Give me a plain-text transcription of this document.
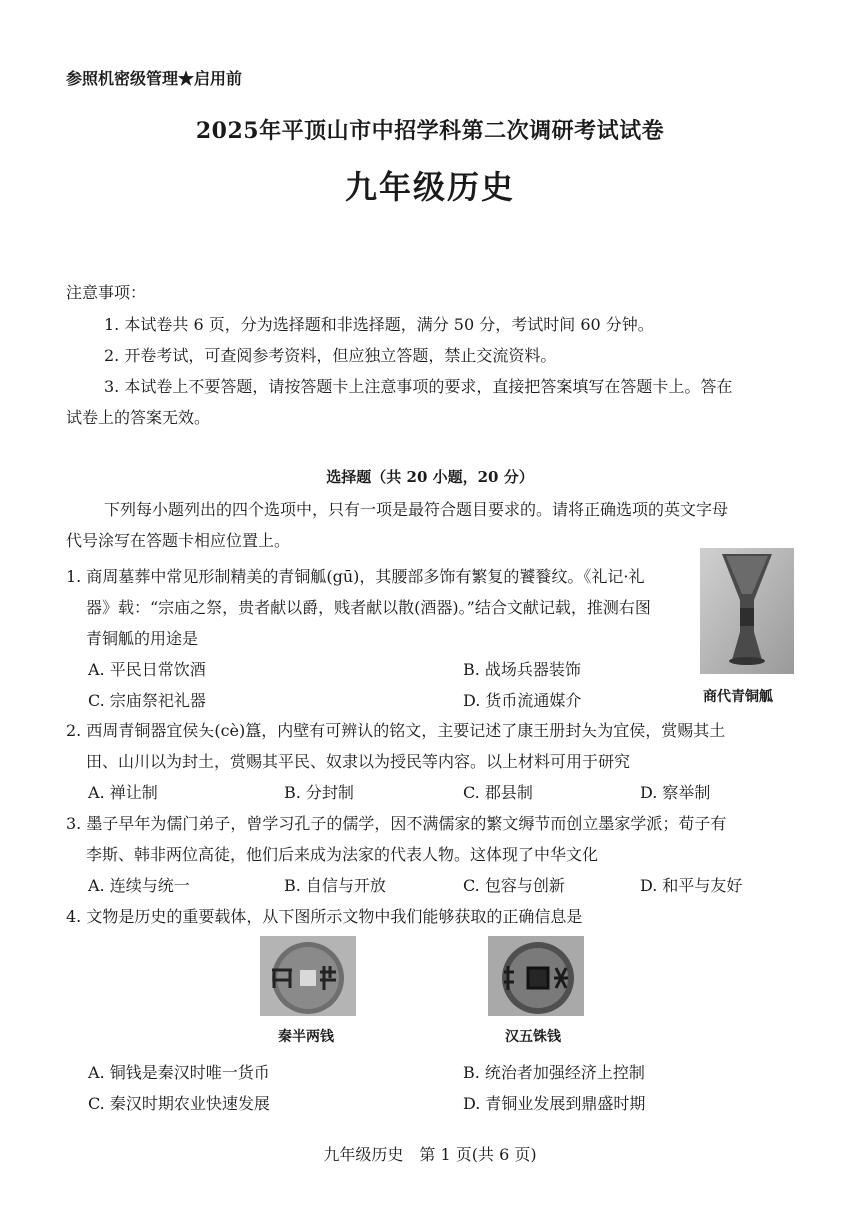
参照机密级管理★启用前
2025年平顶山市中招学科第二次调研考试试卷
九年级历史
注意事项：
1. 本试卷共 6 页，分为选择题和非选择题，满分 50 分，考试时间 60 分钟。
2. 开卷考试，可查阅参考资料，但应独立答题，禁止交流资料。
3. 本试卷上不要答题，请按答题卡上注意事项的要求，直接把答案填写在答题卡上。答在
试卷上的答案无效。
选择题（共 20 小题，20 分）
下列每小题列出的四个选项中，只有一项是最符合题目要求的。请将正确选项的英文字母
代号涂写在答题卡相应位置上。
1. 商周墓葬中常见形制精美的青铜觚(gū)，其腰部多饰有繁复的饕餮纹。《礼记·礼
器》载：“宗庙之祭，贵者献以爵，贱者献以散(酒器)。”结合文献记载，推测右图
青铜觚的用途是
A. 平民日常饮酒	B. 战场兵器装饰
C. 宗庙祭祀礼器	D. 货币流通媒介	商代青铜觚
2. 西周青铜器宜侯夨(cè)簋，内壁有可辨认的铭文，主要记述了康王册封夨为宜侯，赏赐其土
田、山川以为封土，赏赐其平民、奴隶以为授民等内容。以上材料可用于研究
A. 禅让制	B. 分封制	C. 郡县制	D. 察举制
3. 墨子早年为儒门弟子，曾学习孔子的儒学，因不满儒家的繁文缛节而创立墨家学派；荀子有
李斯、韩非两位高徒，他们后来成为法家的代表人物。这体现了中华文化
A. 连续与统一	B. 自信与开放	C. 包容与创新	D. 和平与友好
4. 文物是历史的重要载体，从下图所示文物中我们能够获取的正确信息是
秦半两钱	汉五铢钱
A. 铜钱是秦汉时唯一货币	B. 统治者加强经济上控制
C. 秦汉时期农业快速发展	D. 青铜业发展到鼎盛时期
九年级历史　第 1 页(共 6 页)
